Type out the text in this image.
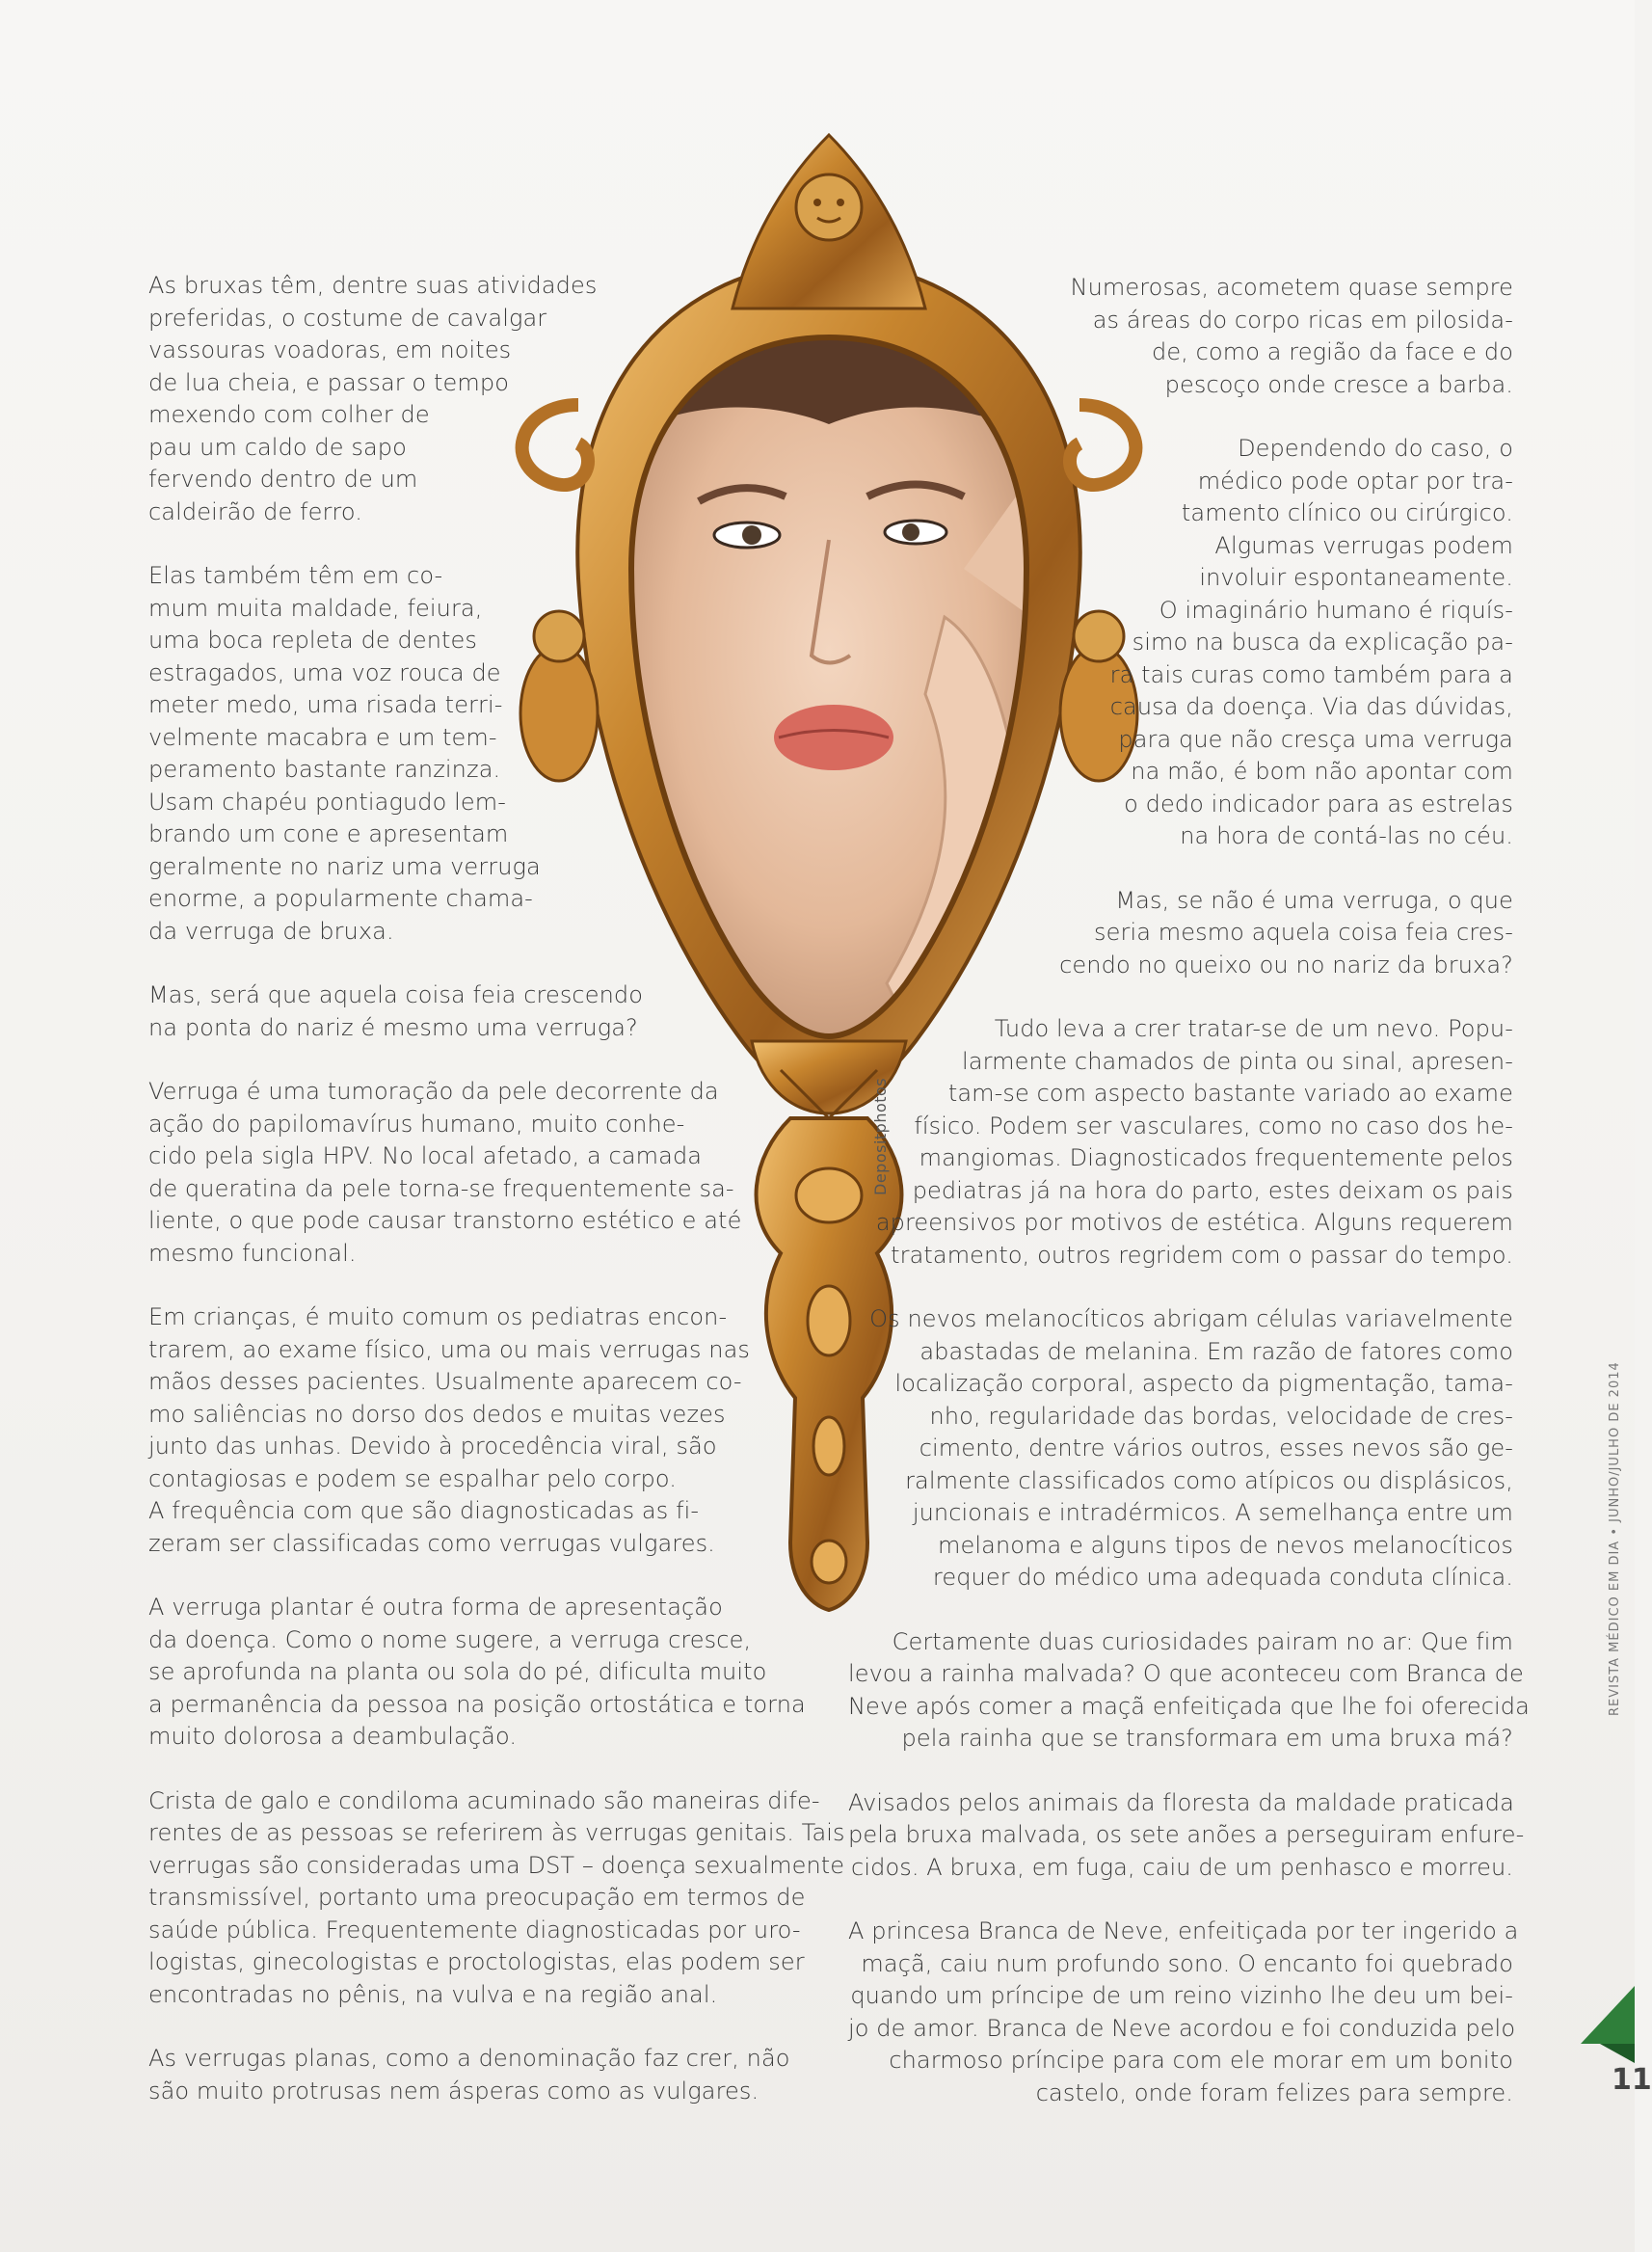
Depositphotos

As bruxas têm, dentre suas atividades
preferidas, o costume de cavalgar
vassouras voadoras, em noites
de lua cheia, e passar o tempo
mexendo com colher de
pau um caldo de sapo
fervendo dentro de um
caldeirão de ferro.

Elas também têm em co-
mum muita maldade, feiura,
uma boca repleta de dentes
estragados, uma voz rouca de
meter medo, uma risada terri-
velmente macabra e um tem-
peramento bastante ranzinza.
Usam chapéu pontiagudo lem-
brando um cone e apresentam
geralmente no nariz uma verruga
enorme, a popularmente chama-
da verruga de bruxa.

Mas, será que aquela coisa feia crescendo
na ponta do nariz é mesmo uma verruga?

Verruga é uma tumoração da pele decorrente da
ação do papilomavírus humano, muito conhe-
cido pela sigla HPV. No local afetado, a camada
de queratina da pele torna-se frequentemente sa-
liente, o que pode causar transtorno estético e até
mesmo funcional.

Em crianças, é muito comum os pediatras encon-
trarem, ao exame físico, uma ou mais verrugas nas
mãos desses pacientes. Usualmente aparecem co-
mo saliências no dorso dos dedos e muitas vezes
junto das unhas. Devido à procedência viral, são
contagiosas e podem se espalhar pelo corpo.
A frequência com que são diagnosticadas as fi-
zeram ser classificadas como verrugas vulgares.

A verruga plantar é outra forma de apresentação
da doença. Como o nome sugere, a verruga cresce,
se aprofunda na planta ou sola do pé, dificulta muito
a permanência da pessoa na posição ortostática e torna
muito dolorosa a deambulação.

Crista de galo e condiloma acuminado são maneiras dife-
rentes de as pessoas se referirem às verrugas genitais. Tais
verrugas são consideradas uma DST – doença sexualmente
transmissível, portanto uma preocupação em termos de
saúde pública. Frequentemente diagnosticadas por uro-
logistas, ginecologistas e proctologistas, elas podem ser
encontradas no pênis, na vulva e na região anal.

As verrugas planas, como a denominação faz crer, não
são muito protrusas nem ásperas como as vulgares.

Numerosas, acometem quase sempre
as áreas do corpo ricas em pilosida-
de, como a região da face e do
pescoço onde cresce a barba.

Dependendo do caso, o
médico pode optar por tra-
tamento clínico ou cirúrgico.
Algumas verrugas podem
involuir espontaneamente.
O imaginário humano é riquís-
simo na busca da explicação pa-
ra tais curas como também para a
causa da doença. Via das dúvidas,
para que não cresça uma verruga
na mão, é bom não apontar com
o dedo indicador para as estrelas
na hora de contá-las no céu.

Mas, se não é uma verruga, o que
seria mesmo aquela coisa feia cres-
cendo no queixo ou no nariz da bruxa?

Tudo leva a crer tratar-se de um nevo. Popu-
larmente chamados de pinta ou sinal, apresen-
tam-se com aspecto bastante variado ao exame
físico. Podem ser vasculares, como no caso dos he-
mangiomas. Diagnosticados frequentemente pelos
pediatras já na hora do parto, estes deixam os pais
apreensivos por motivos de estética. Alguns requerem
tratamento, outros regridem com o passar do tempo.

Os nevos melanocíticos abrigam células variavelmente
abastadas de melanina. Em razão de fatores como
localização corporal, aspecto da pigmentação, tama-
nho, regularidade das bordas, velocidade de cres-
cimento, dentre vários outros, esses nevos são ge-
ralmente classificados como atípicos ou displásicos,
juncionais e intradérmicos. A semelhança entre um
melanoma e alguns tipos de nevos melanocíticos
requer do médico uma adequada conduta clínica.

Certamente duas curiosidades pairam no ar: Que fim
levou a rainha malvada? O que aconteceu com Branca de
Neve após comer a maçã enfeitiçada que lhe foi oferecida
pela rainha que se transformara em uma bruxa má?

Avisados pelos animais da floresta da maldade praticada
pela bruxa malvada, os sete anões a perseguiram enfure-
cidos. A bruxa, em fuga, caiu de um penhasco e morreu.

A princesa Branca de Neve, enfeitiçada por ter ingerido a
maçã, caiu num profundo sono. O encanto foi quebrado
quando um príncipe de um reino vizinho lhe deu um bei-
jo de amor. Branca de Neve acordou e foi conduzida pelo
charmoso príncipe para com ele morar em um bonito
castelo, onde foram felizes para sempre.

REVISTA MÉDICO EM DIA • JUNHO/JULHO DE 2014
11
